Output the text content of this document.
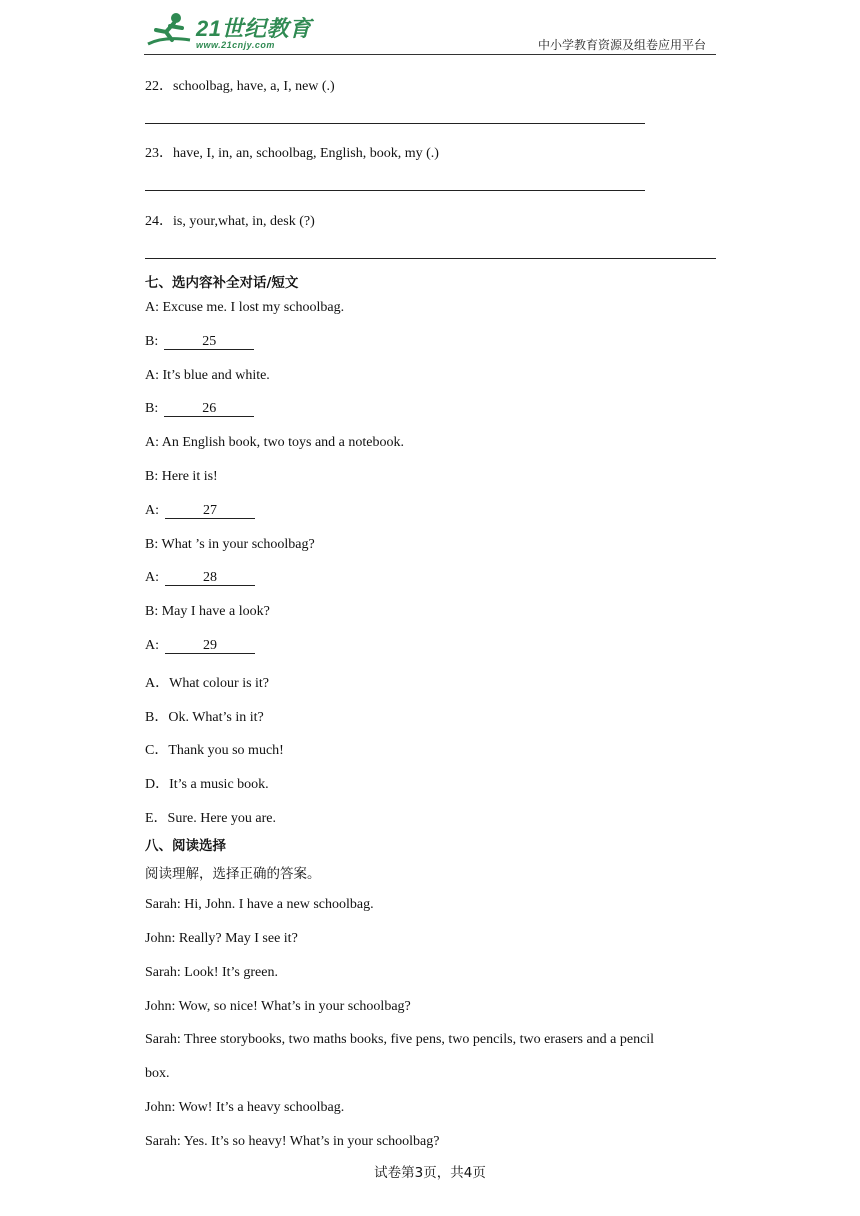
21世纪教育
www.21cnjy.com	中小学教育资源及组卷应用平台
22．schoolbag, have, a, I, new (.)
23．have, I, in, an, schoolbag, English, book, my (.)
24．is, your,what, in, desk (?)
七、选内容补全对话/短文
A: Excuse me. I lost my schoolbag.
B:	25
A: It’s blue and white.
B:	26
A: An English book, two toys and a notebook.
B: Here it is!
A:	27
B: What ’s in your schoolbag?
A:	28
B: May I have a look?
A:	29
A．What colour is it?
B．Ok. What’s in it?
C．Thank you so much!
D．It’s a music book.
E．Sure. Here you are.
八、阅读选择
阅读理解，选择正确的答案。
Sarah: Hi, John. I have a new schoolbag.
John: Really? May I see it?
Sarah: Look! It’s green.
John: Wow, so nice! What’s in your schoolbag?
Sarah: Three storybooks, two maths books, five pens, two pencils, two erasers and a pencil
box.
John: Wow! It’s a heavy schoolbag.
Sarah: Yes. It’s so heavy! What’s in your schoolbag?
试卷第3页，共4页
